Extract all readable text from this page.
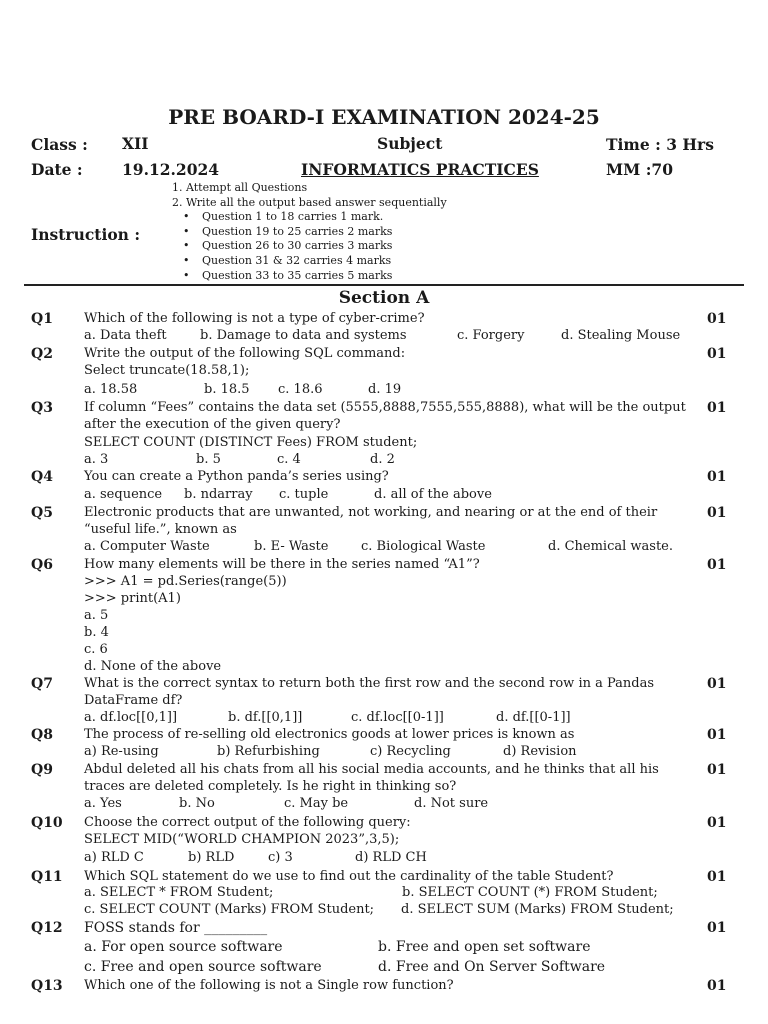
PRE BOARD-I EXAMINATION 2024-25
Class : XII	Subject	Time : 3 Hrs
Date :	19.12.2024	INFORMATICS PRACTICES	MM :70
Instruction :
1. Attempt all Questions
2. Write all the output based answer sequentially
• Question 1 to 18 carries 1 mark.
• Question 19 to 25 carries 2 marks
• Question 26 to 30 carries 3 marks
• Question 31 & 32 carries 4 marks
• Question 33 to 35 carries 5 marks
Section A
Q1	01
Which of the following is not a type of cyber-crime?
a. Data theft	b. Damage to data and systems	c. Forgery	d. Stealing Mouse
Q2	01
Write the output of the following SQL command:
Select truncate(18.58,1);
a. 18.58	b. 18.5 c. 18.6	d. 19
Q3	01
If column “Fees” contains the data set (5555,8888,7555,555,8888), what will be the output
after the execution of the given query?
SELECT COUNT (DISTINCT Fees) FROM student;
a. 3	b. 5	c. 4	d. 2
Q4	01
You can create a Python panda’s series using?
a. sequence b. ndarray c. tuple	d. all of the above
Q5	01
Electronic products that are unwanted, not working, and nearing or at the end of their
“useful life.”, known as
a. Computer Waste	b. E- Waste	c. Biological Waste	d. Chemical waste.
Q6	01
How many elements will be there in the series named “A1”?
>>> A1 = pd.Series(range(5))
>>> print(A1)
a. 5
b. 4
c. 6
d. None of the above
Q7	01
What is the correct syntax to return both the first row and the second row in a Pandas
DataFrame df?
a. df.loc[[0,1]]	b. df.[[0,1]]	c. df.loc[[0-1]]	d. df.[[0-1]]
Q8	01
The process of re-selling old electronics goods at lower prices is known as
a) Re-using	b) Refurbishing	c) Recycling	d) Revision
Q9	01
Abdul deleted all his chats from all his social media accounts, and he thinks that all his
traces are deleted completely. Is he right in thinking so?
a. Yes	b. No	c. May be	d. Not sure
Q10	01
Choose the correct output of the following query:
SELECT MID(“WORLD CHAMPION 2023”,3,5);
a) RLD C	b) RLD	c) 3	d) RLD CH
Q11	01
Which SQL statement do we use to find out the cardinality of the table Student?
a. SELECT * FROM Student;	b. SELECT COUNT (*) FROM Student;
c. SELECT COUNT (Marks) FROM Student; d. SELECT SUM (Marks) FROM Student;
Q12	01
FOSS stands for _________
a. For open source software	b. Free and open set software
c. Free and open source software	d. Free and On Server Software
Q13	01
Which one of the following is not a Single row function?
